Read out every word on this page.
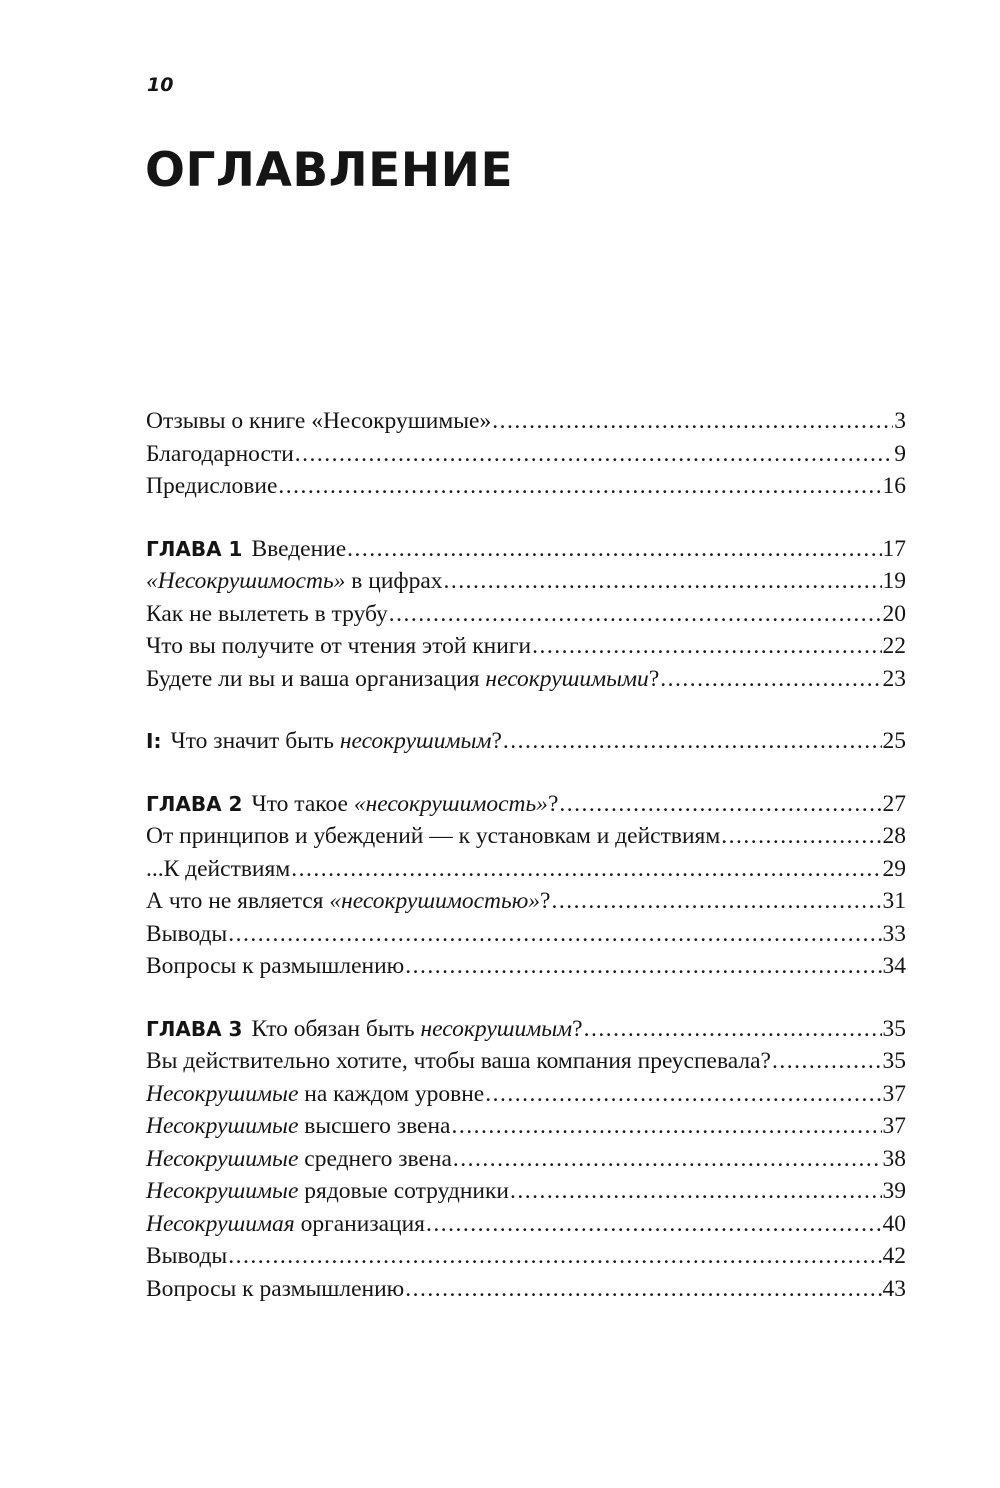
10
ОГЛАВЛЕНИЕ
Отзывы о книге «Несокрушимые» .....	3
Благодарности .....	9
Предисловие .....	16
ГЛАВА 1 Введение .....	17
«Несокрушимость» в цифрах .....	19
Как не вылететь в трубу .....	20
Что вы получите от чтения этой книги .....	22
Будете ли вы и ваша организация несокрушимыми? .....	23
I: Что значит быть несокрушимым? .....	25
ГЛАВА 2 Что такое «несокрушимость»? .....	27
От принципов и убеждений — к установкам и действиям .....	28
...К действиям .....	29
А что не является «несокрушимостью»? .....	31
Выводы .....	33
Вопросы к размышлению .....	34
ГЛАВА 3 Кто обязан быть несокрушимым? .....	35
Вы действительно хотите, чтобы ваша компания преуспевала? .....	35
Несокрушимые на каждом уровне .....	37
Несокрушимые высшего звена .....	37
Несокрушимые среднего звена .....	38
Несокрушимые рядовые сотрудники .....	39
Несокрушимая организация .....	40
Выводы .....	42
Вопросы к размышлению .....	43
